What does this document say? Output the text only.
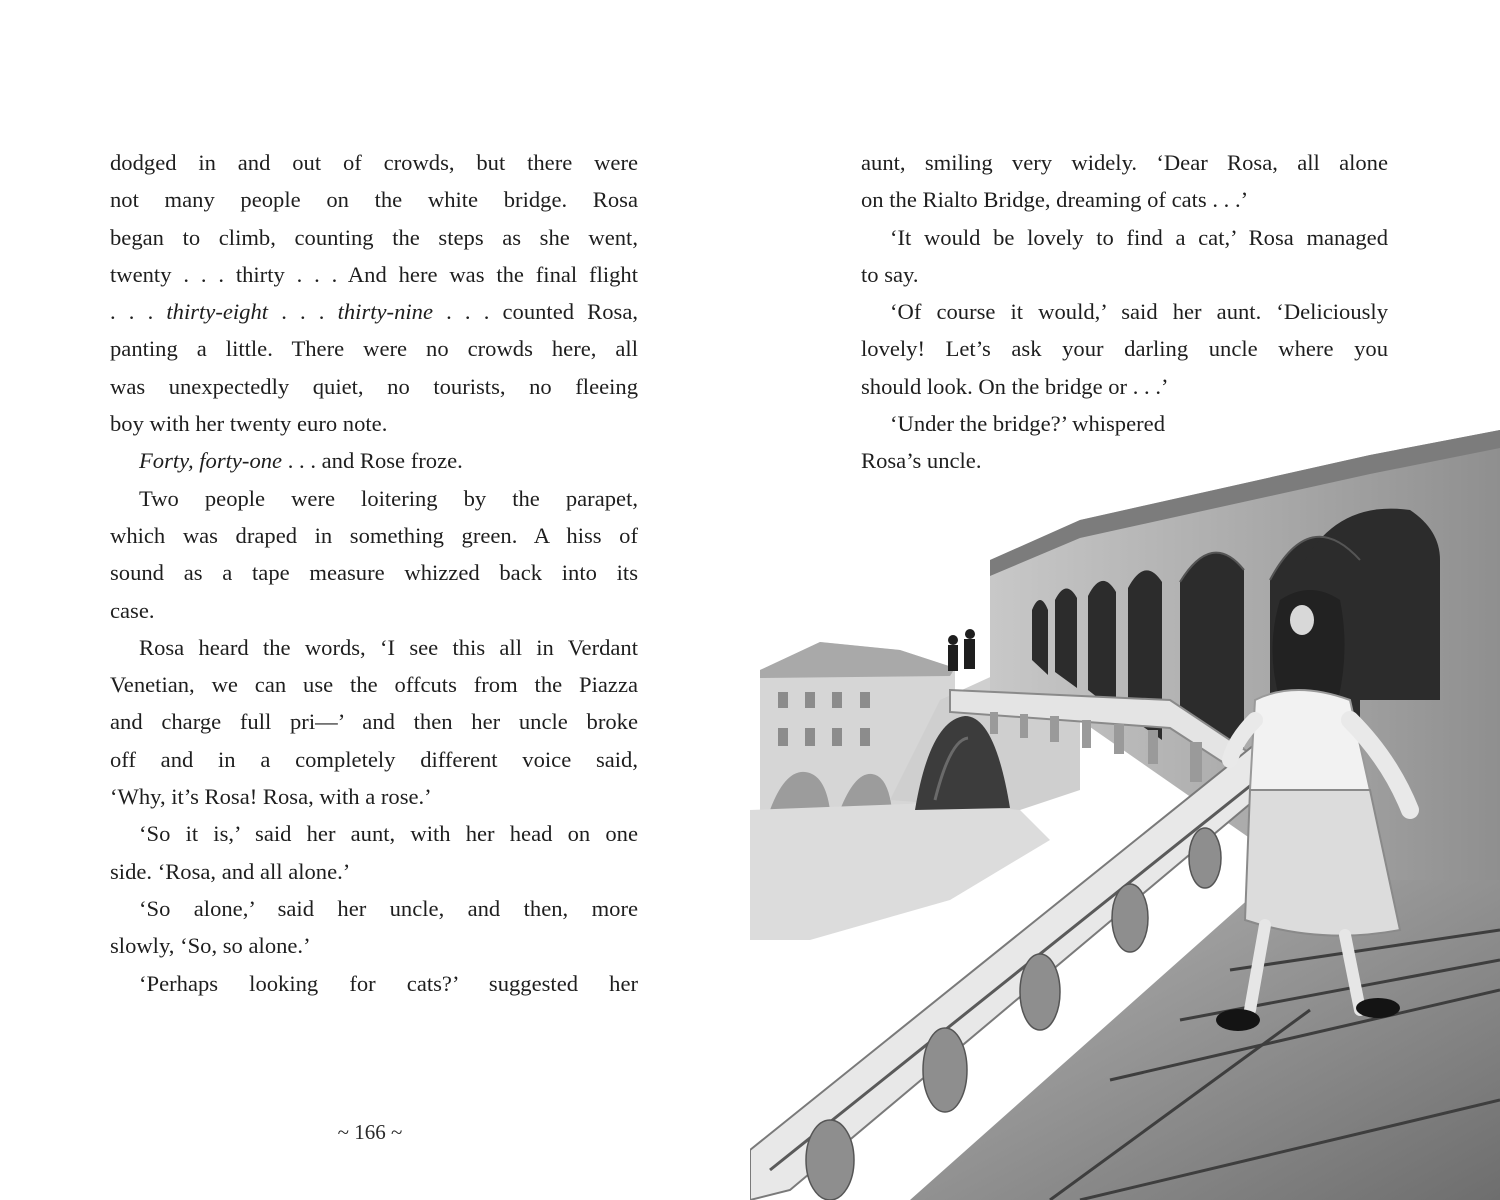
dodged in and out of crowds, but there were
not many people on the white bridge. Rosa
began to climb, counting the steps as she went,
twenty . . . thirty . . . And here was the final flight
. . . thirty-eight . . . thirty-nine . . . counted Rosa,
panting a little. There were no crowds here, all
was unexpectedly quiet, no tourists, no fleeing
boy with her twenty euro note.
Forty, forty-one . . . and Rose froze.
Two people were loitering by the parapet,
which was draped in something green. A hiss of
sound as a tape measure whizzed back into its
case.
Rosa heard the words, ‘I see this all in Verdant
Venetian, we can use the offcuts from the Piazza
and charge full pri—’ and then her uncle broke
off and in a completely different voice said,
‘Why, it’s Rosa! Rosa, with a rose.’
‘So it is,’ said her aunt, with her head on one
side. ‘Rosa, and all alone.’
‘So alone,’ said her uncle, and then, more
slowly, ‘So, so alone.’
‘Perhaps looking for cats?’ suggested her
~ 166 ~
aunt, smiling very widely. ‘Dear Rosa, all alone
on the Rialto Bridge, dreaming of cats . . .’
‘It would be lovely to find a cat,’ Rosa managed
to say.
‘Of course it would,’ said her aunt. ‘Deliciously
lovely! Let’s ask your darling uncle where you
should look. On the bridge or . . .’
‘Under the bridge?’ whispered
Rosa’s uncle.
